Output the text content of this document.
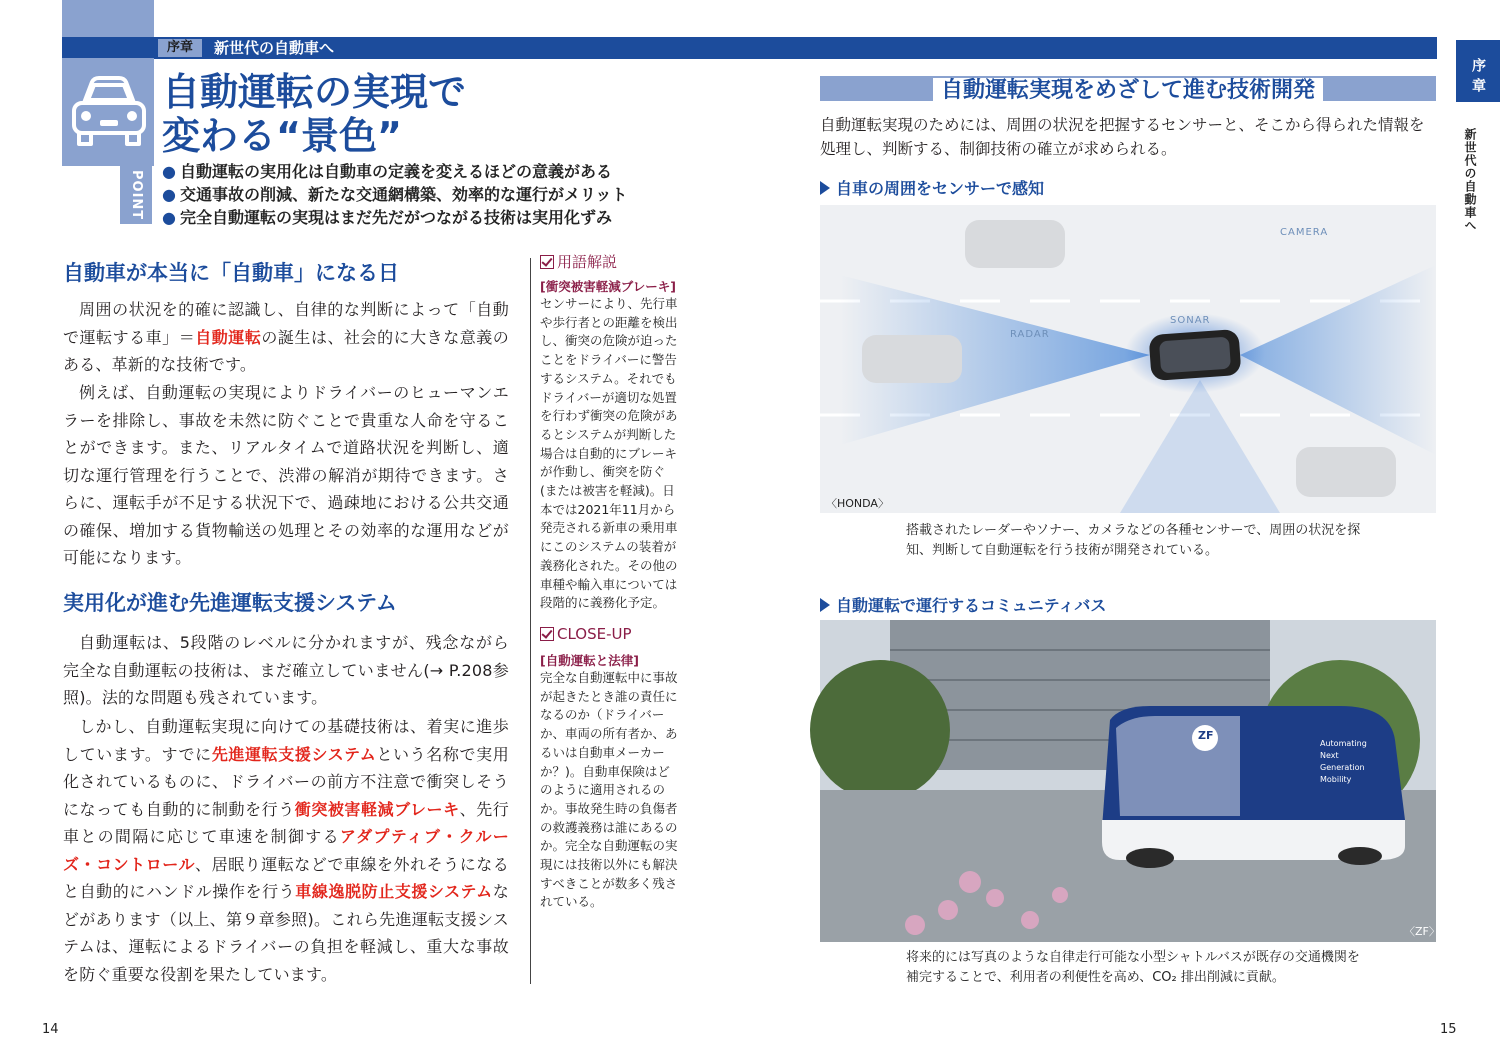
序章	新世代の自動車へ
序章
新世代の自動車へ
自動運転の実現で
変わる“景色”
POINT	● 自動運転の実用化は自動車の定義を変えるほどの意義がある
● 交通事故の削減、新たな交通網構築、効率的な運行がメリット
● 完全自動運転の実現はまだ先だがつながる技術は実用化ずみ
自動車が本当に「自動車」になる日
周囲の状況を的確に認識し、自律的な判断によって「自動で運転する車」＝自動運転の誕生は、社会的に大きな意義のある、革新的な技術です。
例えば、自動運転の実現によりドライバーのヒューマンエラーを排除し、事故を未然に防ぐことで貴重な人命を守ることができます。また、リアルタイムで道路状況を判断し、適切な運行管理を行うことで、渋滞の解消が期待できます。さらに、運転手が不足する状況下で、過疎地における公共交通の確保、増加する貨物輸送の処理とその効率的な運用などが可能になります。
実用化が進む先進運転支援システム
自動運転は、5段階のレベルに分かれますが、残念ながら完全な自動運転の技術は、まだ確立していません(→ P.208参照)。法的な問題も残されています。
しかし、自動運転実現に向けての基礎技術は、着実に進歩しています。すでに先進運転支援システムという名称で実用化されているものに、ドライバーの前方不注意で衝突しそうになっても自動的に制動を行う衝突被害軽減ブレーキ、先行車との間隔に応じて車速を制御するアダプティブ・クルーズ・コントロール、居眠り運転などで車線を外れそうになると自動的にハンドル操作を行う車線逸脱防止支援システムなどがあります（以上、第９章参照)。これら先進運転支援システムは、運転によるドライバーの負担を軽減し、重大な事故を防ぐ重要な役割を果たしています。
用語解説
[衝突被害軽減ブレーキ]
センサーにより、先行車や歩行者との距離を検出し、衝突の危険が迫ったことをドライバーに警告するシステム。それでもドライバーが適切な処置を行わず衝突の危険があるとシステムが判断した場合は自動的にブレーキが作動し、衝突を防ぐ(または被害を軽減)。日本では2021年11月から発売される新車の乗用車にこのシステムの装着が義務化された。その他の車種や輸入車については段階的に義務化予定。
CLOSE-UP
[自動運転と法律]
完全な自動運転中に事故が起きたとき誰の責任になるのか（ドライバーか、車両の所有者か、あるいは自動車メーカーか？)。自動車保険はどのように適用されるのか。事故発生時の負傷者の救護義務は誰にあるのか。完全な自動運転の実現には技術以外にも解決すべきことが数多く残されている。
自動運転実現をめざして進む技術開発
自動運転実現のためには、周囲の状況を把握するセンサーと、そこから得られた情報を処理し、判断する、制御技術の確立が求められる。
自車の周囲をセンサーで感知
CAMERA
RADAR
SONAR
〈HONDA〉
搭載されたレーダーやソナー、カメラなどの各種センサーで、周囲の状況を探知、判断して自動運転を行う技術が開発されている。
自動運転で運行するコミュニティバス
ZF
Automating
Next
Generation
Mobility
〈ZF〉
将来的には写真のような自律走行可能な小型シャトルバスが既存の交通機関を補完することで、利用者の利便性を高め、CO₂ 排出削減に貢献。
14	15
